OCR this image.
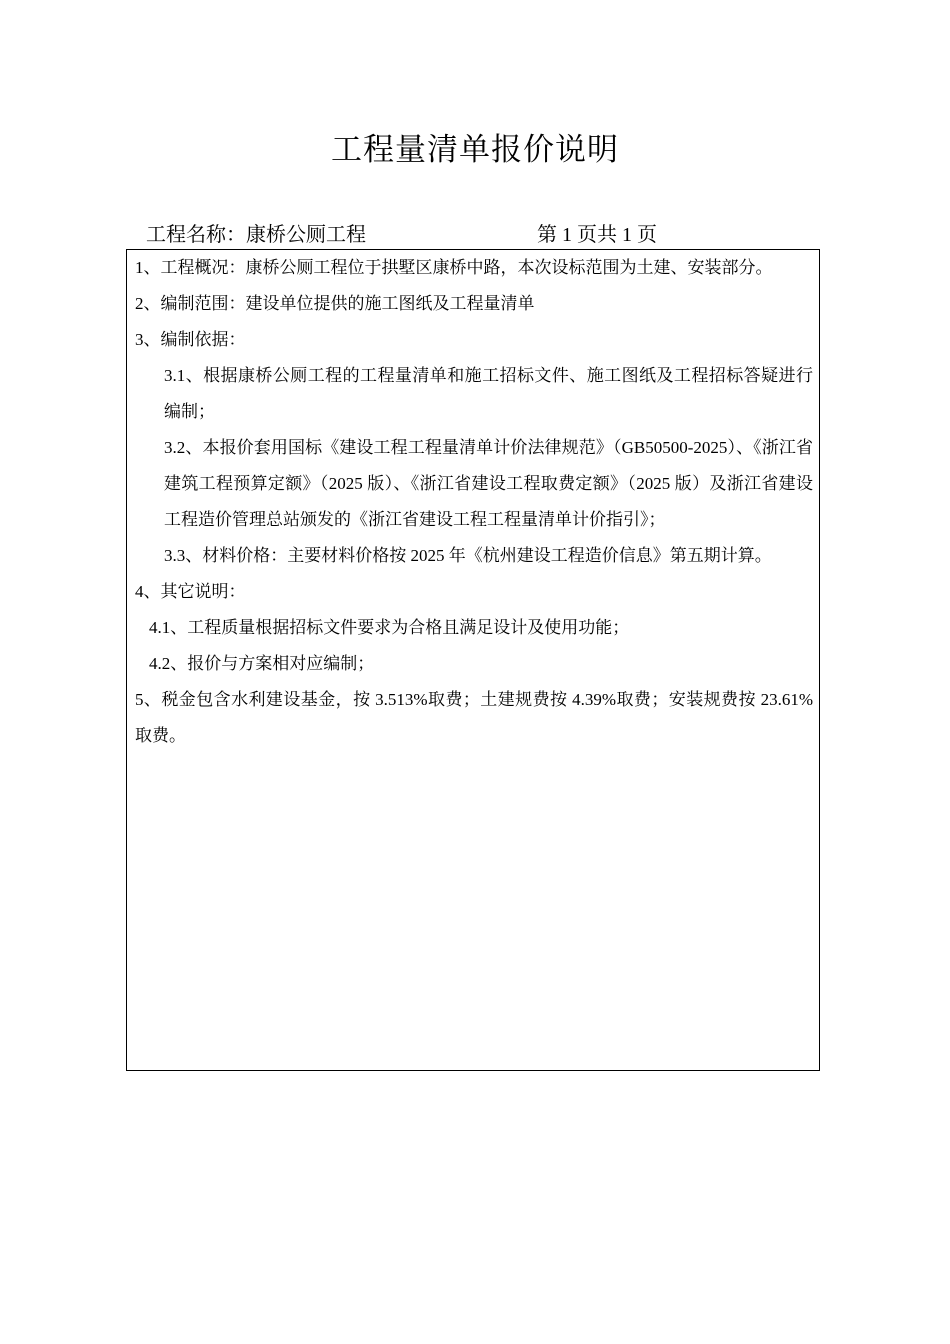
工程量清单报价说明
工程名称：康桥公厕工程	第 1 页共 1 页

1、工程概况：康桥公厕工程位于拱墅区康桥中路，本次设标范围为土建、安装部分。

2、编制范围：建设单位提供的施工图纸及工程量清单

3、编制依据：

3.1、根据康桥公厕工程的工程量清单和施工招标文件、施工图纸及工程招标答疑进行编制；

3.2、本报价套用国标《建设工程工程量清单计价法律规范》（GB50500-2025）、《浙江省建筑工程预算定额》（2025 版）、《浙江省建设工程取费定额》（2025 版）及浙江省建设工程造价管理总站颁发的《浙江省建设工程工程量清单计价指引》；

3.3、材料价格：主要材料价格按 2025 年《杭州建设工程造价信息》第五期计算。

4、其它说明：

4.1、工程质量根据招标文件要求为合格且满足设计及使用功能；

4.2、报价与方案相对应编制；

5、税金包含水利建设基金，按 3.513%取费；土建规费按 4.39%取费；安装规费按 23.61%取费。
